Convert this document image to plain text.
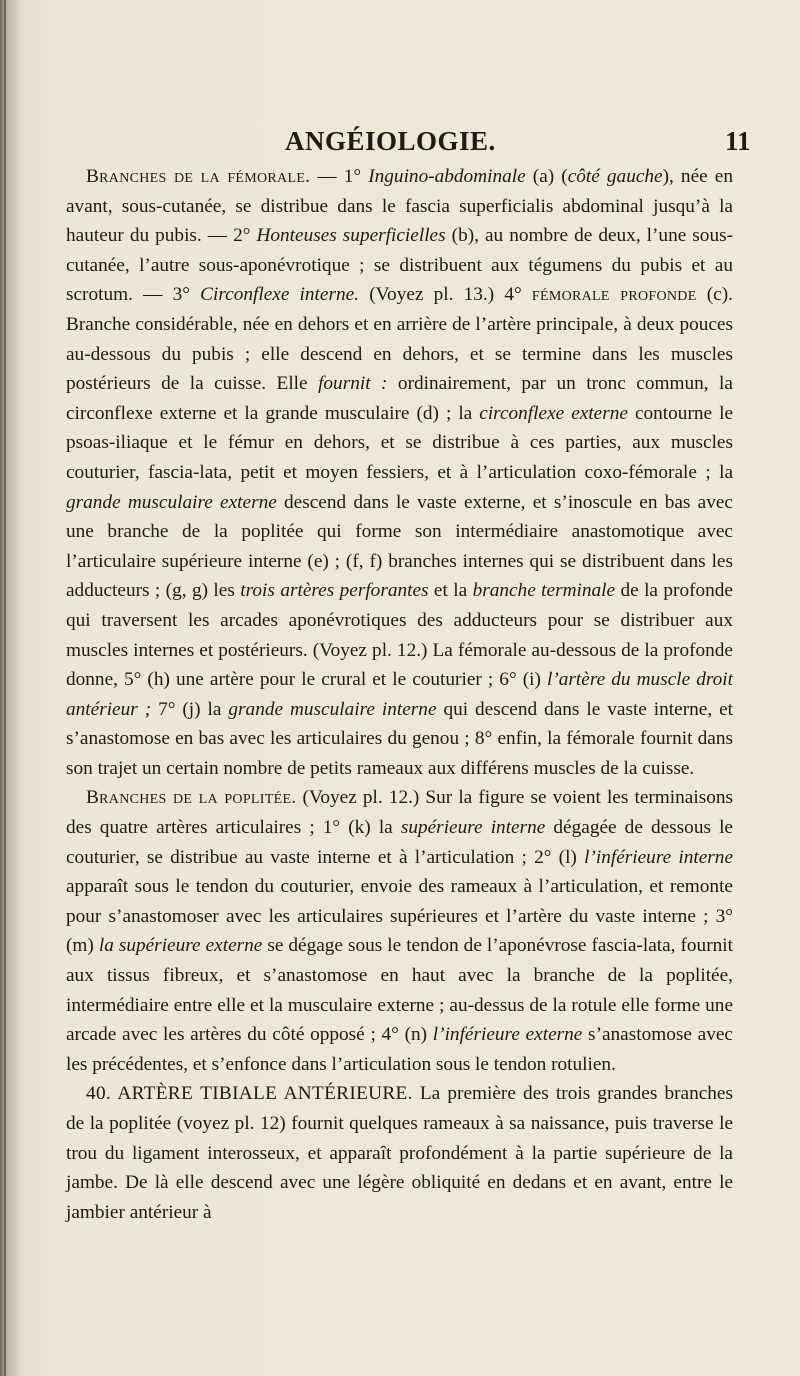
ANGÉIOLOGIE.	11

Branches de la fémorale. — 1° Inguino-abdominale (a) (côté gauche), née en avant, sous-cutanée, se distribue dans le fascia superficialis abdominal jusqu’à la hauteur du pubis. — 2° Honteuses superficielles (b), au nombre de deux, l’une sous-cutanée, l’autre sous-aponévrotique ; se distribuent aux tégumens du pubis et au scrotum. — 3° Circonflexe interne. (Voyez pl. 13.) 4° fémorale profonde (c). Branche considérable, née en dehors et en arrière de l’artère principale, à deux pouces au-dessous du pubis ; elle descend en dehors, et se termine dans les muscles postérieurs de la cuisse. Elle fournit : ordinairement, par un tronc commun, la circonflexe externe et la grande musculaire (d) ; la circonflexe externe contourne le psoas-iliaque et le fémur en dehors, et se distribue à ces parties, aux muscles couturier, fascia-lata, petit et moyen fessiers, et à l’articulation coxo-fémorale ; la grande musculaire externe descend dans le vaste externe, et s’inoscule en bas avec une branche de la poplitée qui forme son intermédiaire anastomotique avec l’articulaire supérieure interne (e) ; (f, f) branches internes qui se distribuent dans les adducteurs ; (g, g) les trois artères perforantes et la branche terminale de la profonde qui traversent les arcades aponévrotiques des adducteurs pour se distribuer aux muscles internes et postérieurs. (Voyez pl. 12.) La fémorale au-dessous de la profonde donne, 5° (h) une artère pour le crural et le couturier ; 6° (i) l’artère du muscle droit antérieur ; 7° (j) la grande musculaire interne qui descend dans le vaste interne, et s’anastomose en bas avec les articulaires du genou ; 8° enfin, la fémorale fournit dans son trajet un certain nombre de petits rameaux aux différens muscles de la cuisse.

Branches de la poplitée. (Voyez pl. 12.) Sur la figure se voient les terminaisons des quatre artères articulaires ; 1° (k) la supérieure interne dégagée de dessous le couturier, se distribue au vaste interne et à l’articulation ; 2° (l) l’inférieure interne apparaît sous le tendon du couturier, envoie des rameaux à l’articulation, et remonte pour s’anastomoser avec les articulaires supérieures et l’artère du vaste interne ; 3° (m) la supérieure externe se dégage sous le tendon de l’aponévrose fascia-lata, fournit aux tissus fibreux, et s’anastomose en haut avec la branche de la poplitée, intermédiaire entre elle et la musculaire externe ; au-dessus de la rotule elle forme une arcade avec les artères du côté opposé ; 4° (n) l’inférieure externe s’anastomose avec les précédentes, et s’enfonce dans l’articulation sous le tendon rotulien.

40. ARTÈRE TIBIALE ANTÉRIEURE. La première des trois grandes branches de la poplitée (voyez pl. 12) fournit quelques rameaux à sa naissance, puis traverse le trou du ligament interosseux, et apparaît profondément à la partie supérieure de la jambe. De là elle descend avec une légère obliquité en dedans et en avant, entre le jambier antérieur à
